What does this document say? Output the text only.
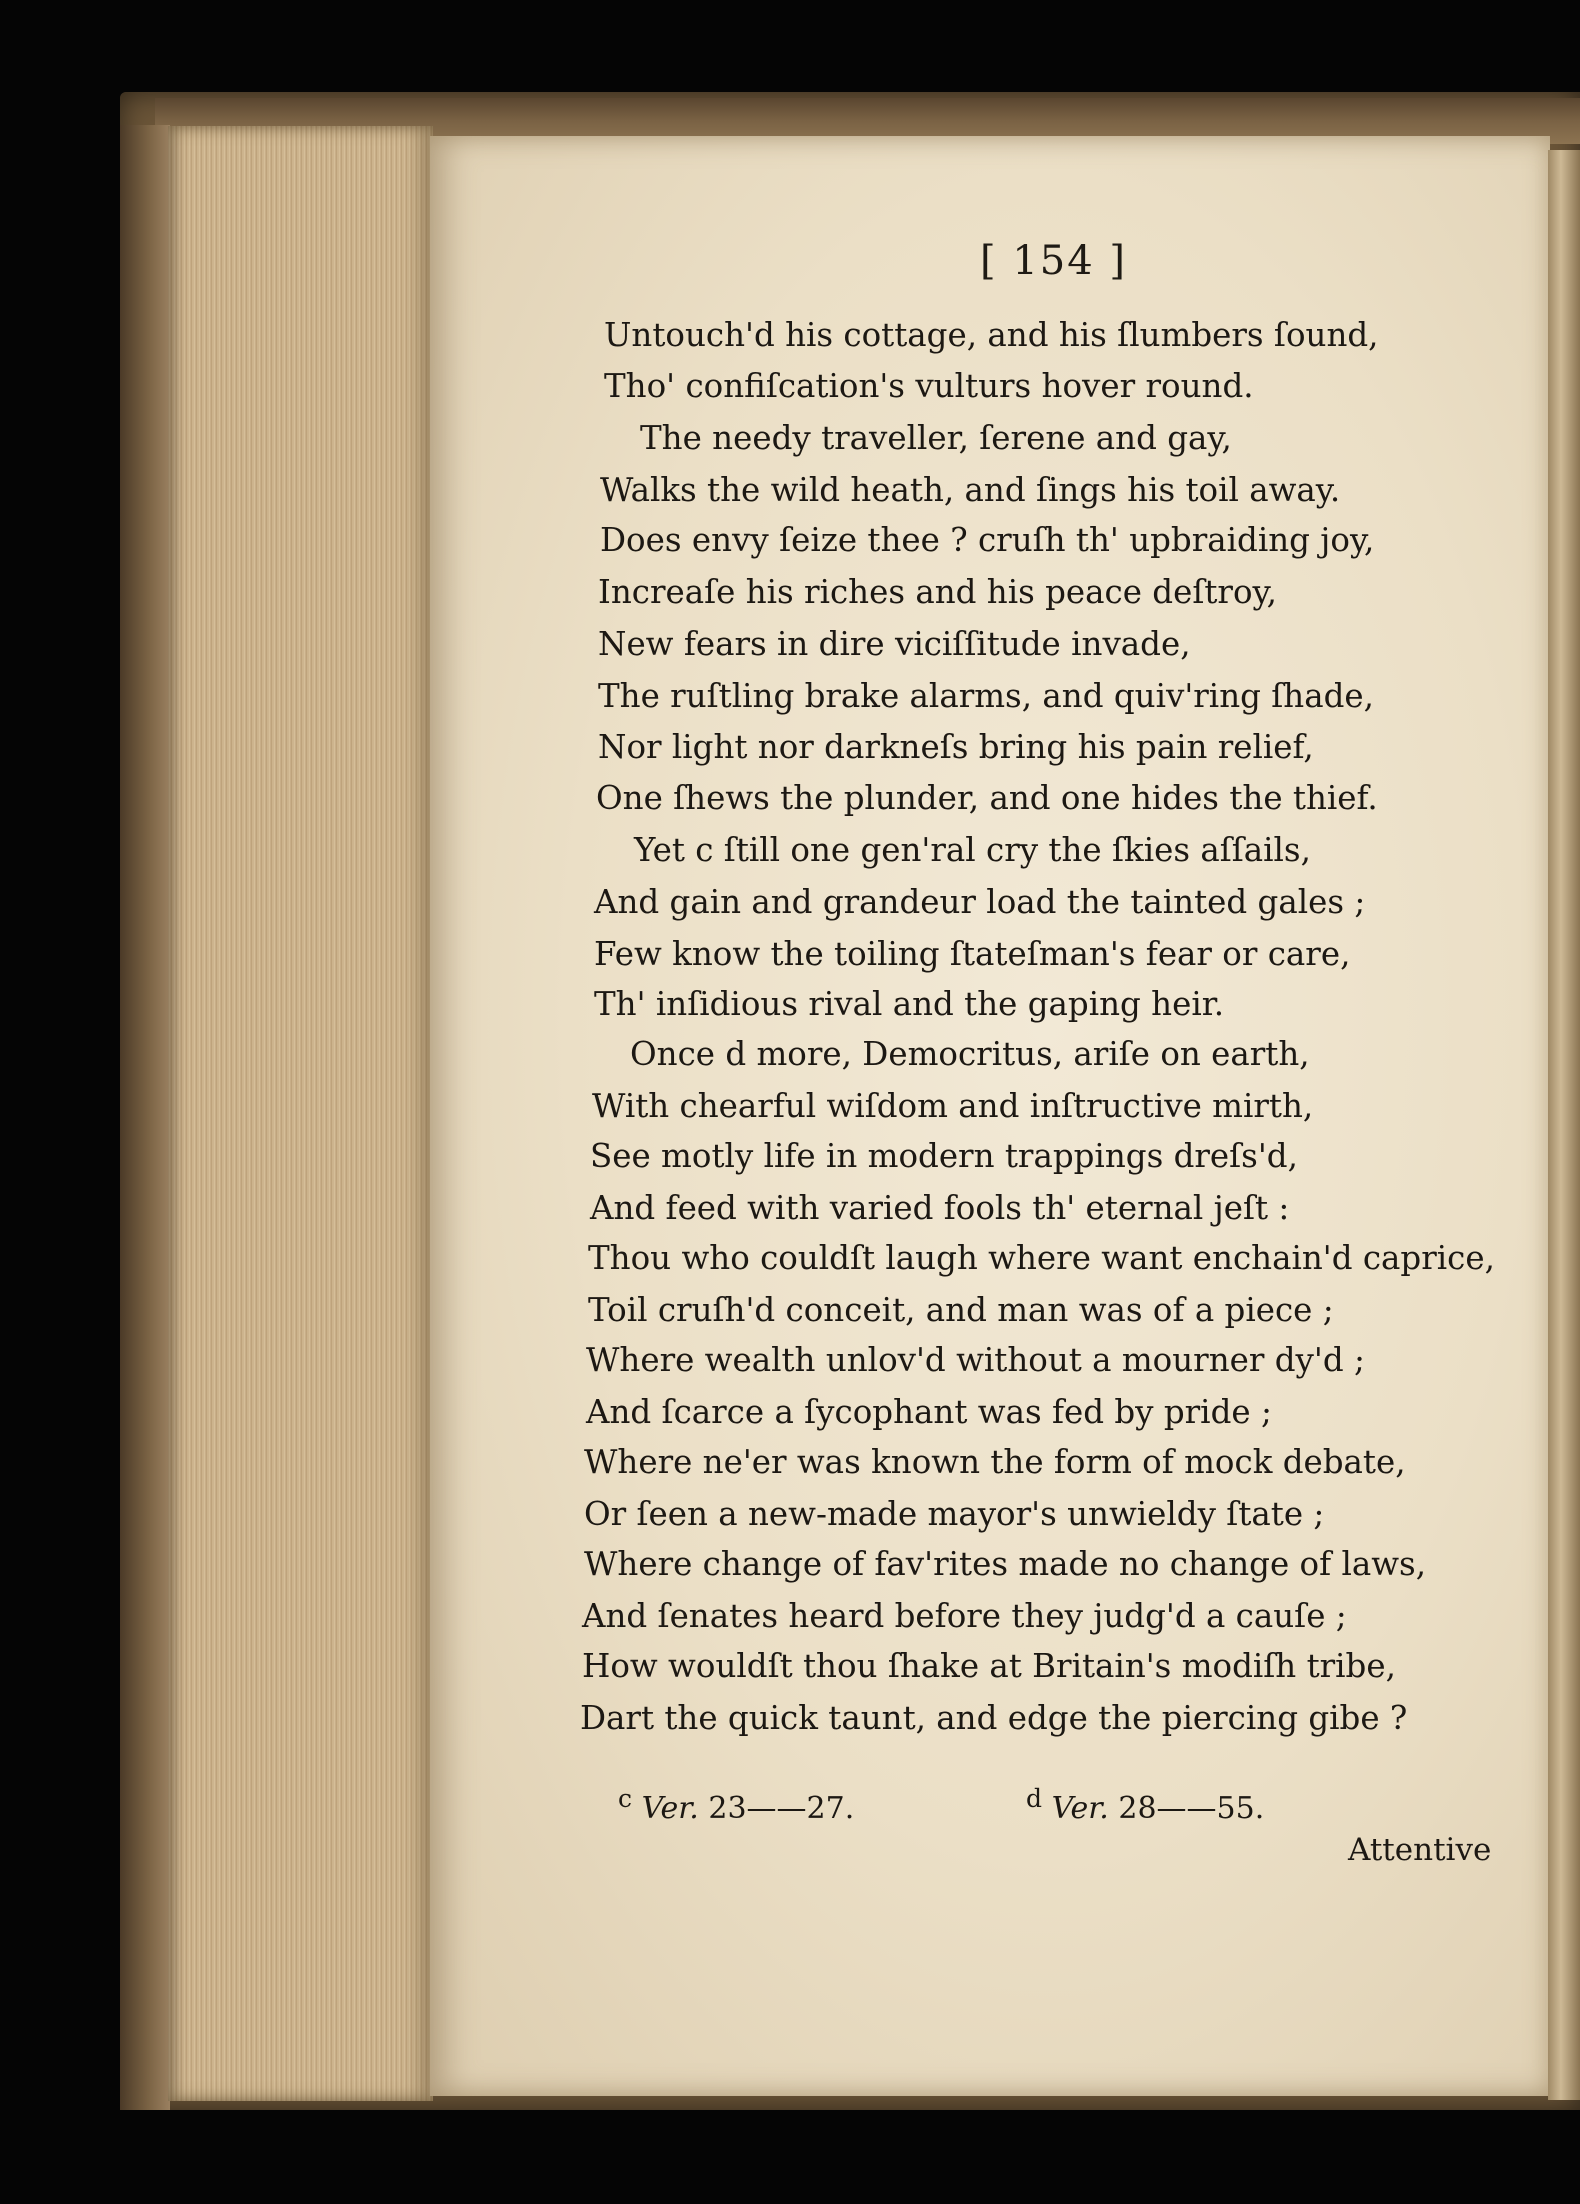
[ 154 ]
Untouch'd his cottage, and his ſlumbers ſound,
Tho' confiſcation's vulturs hover round.
The needy traveller, ſerene and gay,
Walks the wild heath, and ſings his toil away.
Does envy ſeize thee ? cruſh th' upbraiding joy,
Increaſe his riches and his peace deſtroy,
New fears in dire viciſſitude invade,
The ruſtling brake alarms, and quiv'ring ſhade,
Nor light nor darkneſs bring his pain relief,
One ſhews the plunder, and one hides the thief.
Yet c ſtill one gen'ral cry the ſkies aſſails,
And gain and grandeur load the tainted gales ;
Few know the toiling ſtateſman's fear or care,
Th' inſidious rival and the gaping heir.
Once d more, Democritus, ariſe on earth,
With chearful wiſdom and inſtructive mirth,
See motly life in modern trappings dreſs'd,
And feed with varied fools th' eternal jeſt :
Thou who couldſt laugh where want enchain'd caprice,
Toil cruſh'd conceit, and man was of a piece ;
Where wealth unlov'd without a mourner dy'd ;
And ſcarce a ſycophant was fed by pride ;
Where ne'er was known the form of mock debate,
Or ſeen a new-made mayor's unwieldy ſtate ;
Where change of fav'rites made no change of laws,
And ſenates heard before they judg'd a cauſe ;
How wouldſt thou ſhake at Britain's modiſh tribe,
Dart the quick taunt, and edge the piercing gibe ?
$^c$ Ver. 23——27.	$^d$ Ver. 28——55.
Attentive
